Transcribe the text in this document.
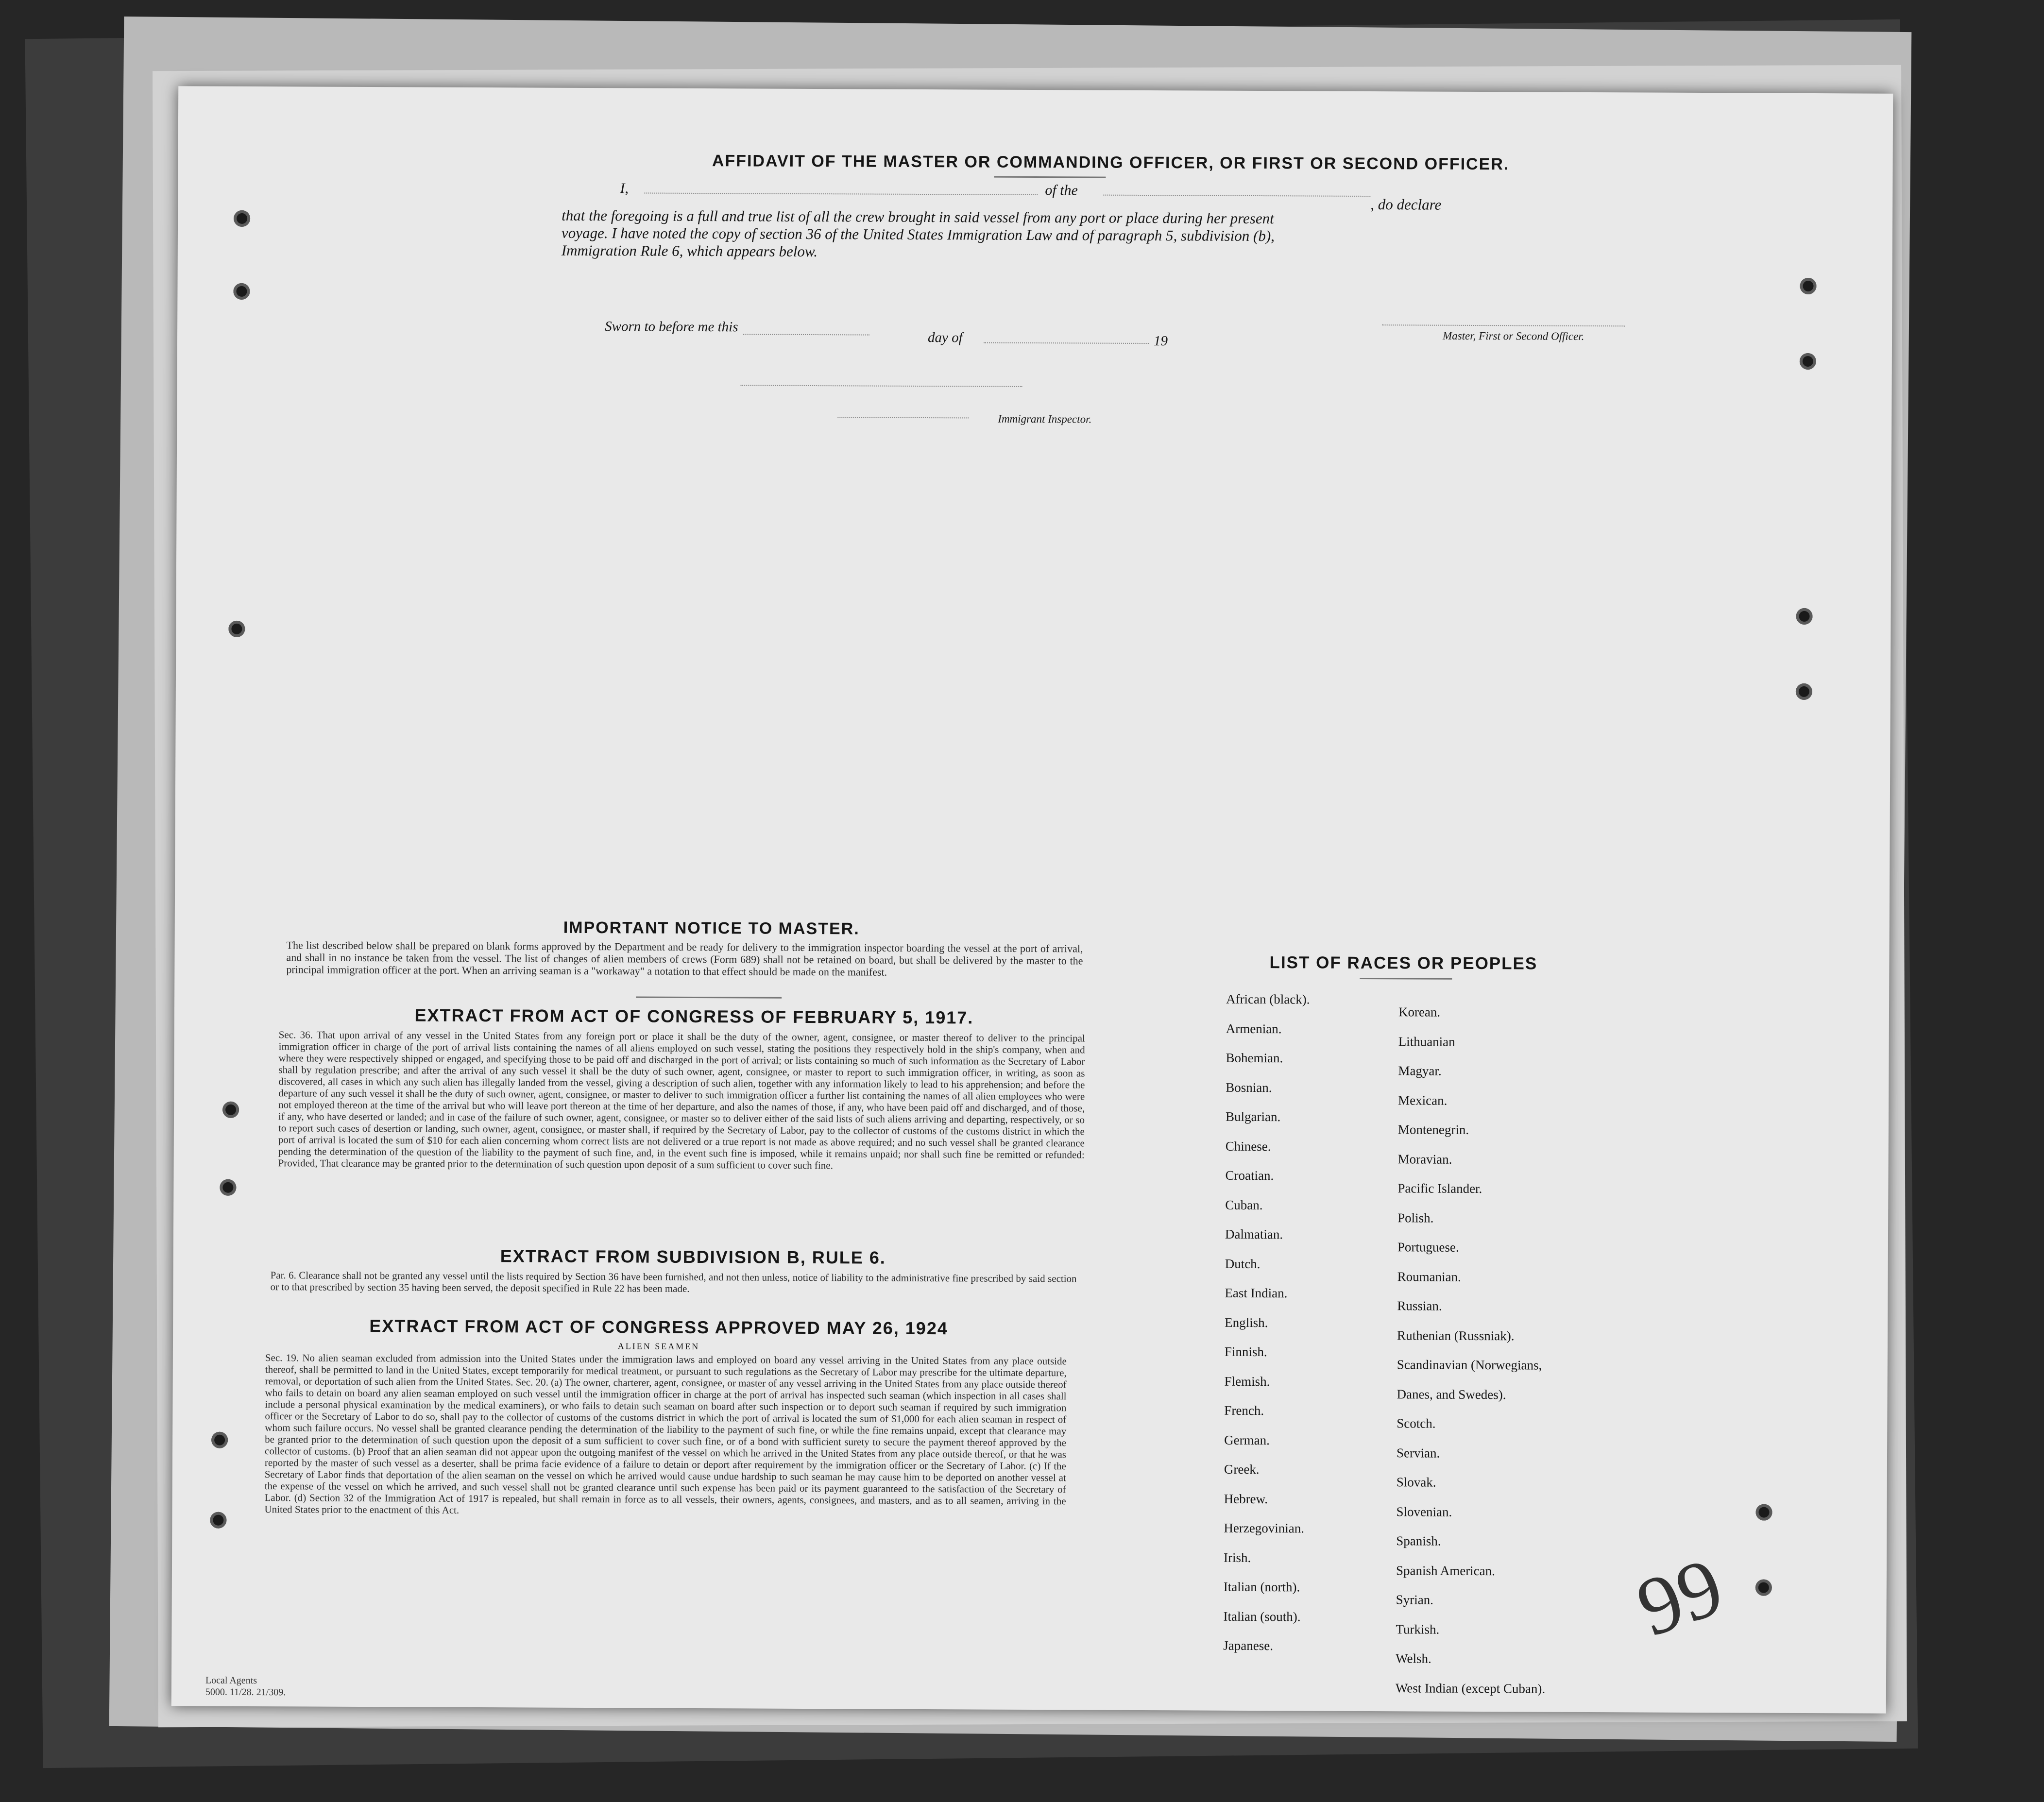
AFFIDAVIT OF THE MASTER OR COMMANDING OFFICER, OR FIRST OR SECOND OFFICER.
I,	of the
, do declare
that the foregoing is a full and true list of all the crew brought in said vessel from any port or place during her present
voyage. I have noted the copy of section 36 of the United States Immigration Law and of paragraph 5, subdivision (b),
Immigration Rule 6, which appears below.
Sworn to before me this
day of	19	Master, First or Second Officer.
Immigrant Inspector.
IMPORTANT NOTICE TO MASTER.
The list described below shall be prepared on blank forms approved by the Department and be ready for delivery to the immigration inspector boarding the vessel at the port of arrival, and shall in no instance be taken from the vessel. The list of changes of alien members of crews (Form 689) shall not be retained on board, but shall be delivered by the master to the principal immigration officer at the port. When an arriving seaman is a "workaway" a notation to that effect should be made on the manifest.
EXTRACT FROM ACT OF CONGRESS OF FEBRUARY 5, 1917.
Sec. 36. That upon arrival of any vessel in the United States from any foreign port or place it shall be the duty of the owner, agent, consignee, or master thereof to deliver to the principal immigration officer in charge of the port of arrival lists containing the names of all aliens employed on such vessel, stating the positions they respectively hold in the ship's company, when and where they were respectively shipped or engaged, and specifying those to be paid off and discharged in the port of arrival; or lists containing so much of such information as the Secretary of Labor shall by regulation prescribe; and after the arrival of any such vessel it shall be the duty of such owner, agent, consignee, or master to report to such immigration officer, in writing, as soon as discovered, all cases in which any such alien has illegally landed from the vessel, giving a description of such alien, together with any information likely to lead to his apprehension; and before the departure of any such vessel it shall be the duty of such owner, agent, consignee, or master to deliver to such immigration officer a further list containing the names of all alien employees who were not employed thereon at the time of the arrival but who will leave port thereon at the time of her departure, and also the names of those, if any, who have been paid off and discharged, and of those, if any, who have deserted or landed; and in case of the failure of such owner, agent, consignee, or master so to deliver either of the said lists of such aliens arriving and departing, respectively, or so to report such cases of desertion or landing, such owner, agent, consignee, or master shall, if required by the Secretary of Labor, pay to the collector of customs of the customs district in which the port of arrival is located the sum of $10 for each alien concerning whom correct lists are not delivered or a true report is not made as above required; and no such vessel shall be granted clearance pending the determination of the question of the liability to the payment of such fine, and, in the event such fine is imposed, while it remains unpaid; nor shall such fine be remitted or refunded: Provided, That clearance may be granted prior to the determination of such question upon deposit of a sum sufficient to cover such fine.
EXTRACT FROM SUBDIVISION B, RULE 6.
Par. 6. Clearance shall not be granted any vessel until the lists required by Section 36 have been furnished, and not then unless, notice of liability to the administrative fine prescribed by said section or to that prescribed by section 35 having been served, the deposit specified in Rule 22 has been made.
EXTRACT FROM ACT OF CONGRESS APPROVED MAY 26, 1924
ALIEN SEAMEN
Sec. 19. No alien seaman excluded from admission into the United States under the immigration laws and employed on board any vessel arriving in the United States from any place outside thereof, shall be permitted to land in the United States, except temporarily for medical treatment, or pursuant to such regulations as the Secretary of Labor may prescribe for the ultimate departure, removal, or deportation of such alien from the United States. Sec. 20. (a) The owner, charterer, agent, consignee, or master of any vessel arriving in the United States from any place outside thereof who fails to detain on board any alien seaman employed on such vessel until the immigration officer in charge at the port of arrival has inspected such seaman (which inspection in all cases shall include a personal physical examination by the medical examiners), or who fails to detain such seaman on board after such inspection or to deport such seaman if required by such immigration officer or the Secretary of Labor to do so, shall pay to the collector of customs of the customs district in which the port of arrival is located the sum of $1,000 for each alien seaman in respect of whom such failure occurs. No vessel shall be granted clearance pending the determination of the liability to the payment of such fine, or while the fine remains unpaid, except that clearance may be granted prior to the determination of such question upon the deposit of a sum sufficient to cover such fine, or of a bond with sufficient surety to secure the payment thereof approved by the collector of customs. (b) Proof that an alien seaman did not appear upon the outgoing manifest of the vessel on which he arrived in the United States from any place outside thereof, or that he was reported by the master of such vessel as a deserter, shall be prima facie evidence of a failure to detain or deport after requirement by the immigration officer or the Secretary of Labor. (c) If the Secretary of Labor finds that deportation of the alien seaman on the vessel on which he arrived would cause undue hardship to such seaman he may cause him to be deported on another vessel at the expense of the vessel on which he arrived, and such vessel shall not be granted clearance until such expense has been paid or its payment guaranteed to the satisfaction of the Secretary of Labor. (d) Section 32 of the Immigration Act of 1917 is repealed, but shall remain in force as to all vessels, their owners, agents, consignees, and masters, and as to all seamen, arriving in the United States prior to the enactment of this Act.
LIST OF RACES OR PEOPLES
African (black).
Armenian.
Bohemian.
Bosnian.
Bulgarian.
Chinese.
Croatian.
Cuban.
Dalmatian.
Dutch.
East Indian.
English.
Finnish.
Flemish.
French.
German.
Greek.
Hebrew.
Herzegovinian.
Irish.
Italian (north).
Italian (south).
Japanese.
Korean.
Lithuanian
Magyar.
Mexican.
Montenegrin.
Moravian.
Pacific Islander.
Polish.
Portuguese.
Roumanian.
Russian.
Ruthenian (Russniak).
Scandinavian (Norwegians,
Danes, and Swedes).
Scotch.
Servian.
Slovak.
Slovenian.
Spanish.
Spanish American.
Syrian.
Turkish.
Welsh.
West Indian (except Cuban).
99
Local Agents
5000. 11/28. 21/309.
